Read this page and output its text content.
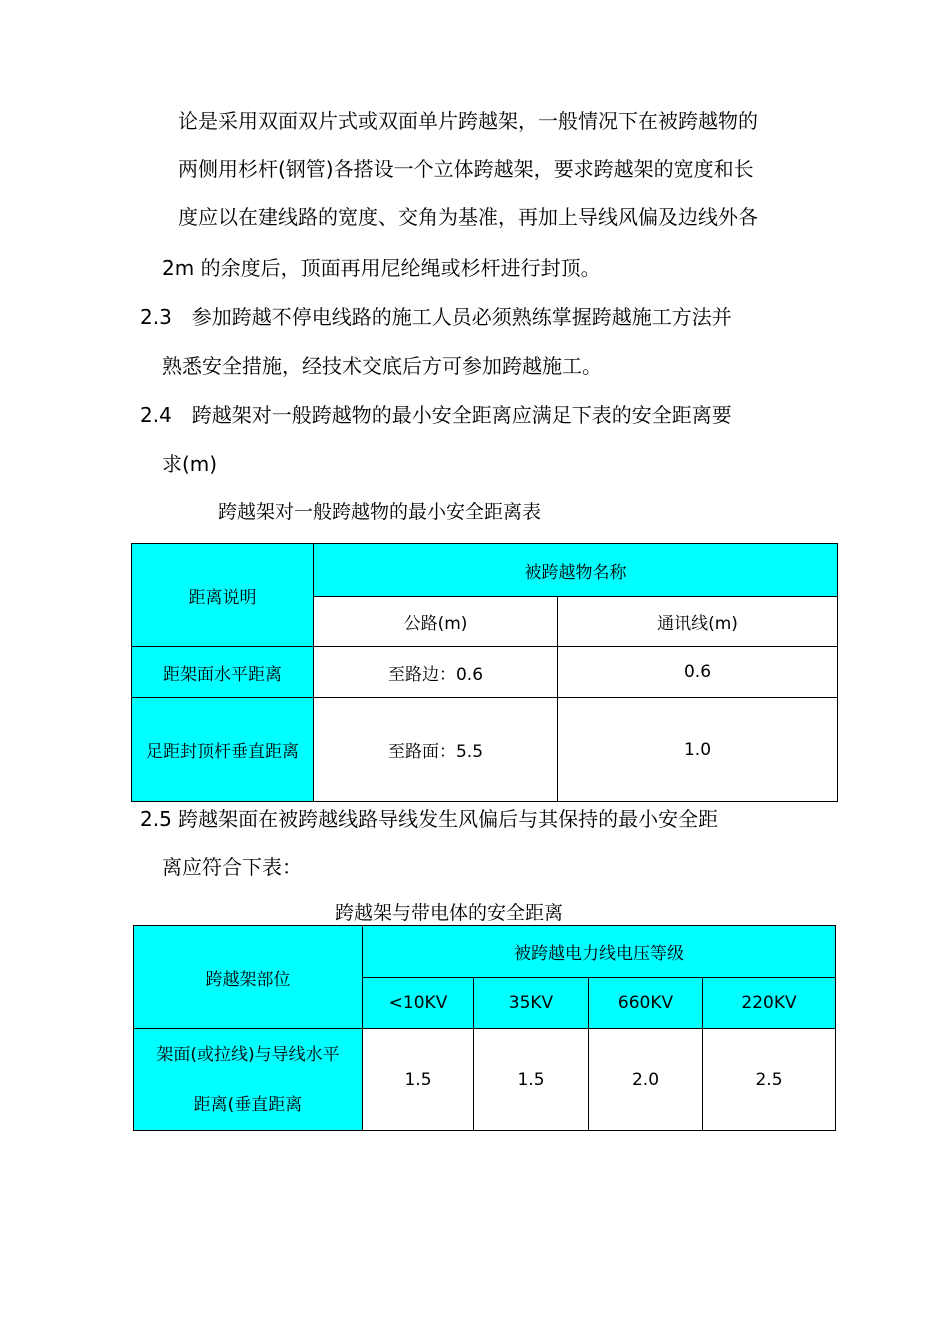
论是采用双面双片式或双面单片跨越架，一般情况下在被跨越物的
两侧用杉杆(钢管)各搭设一个立体跨越架，要求跨越架的宽度和长
度应以在建线路的宽度、交角为基准，再加上导线风偏及边线外各
2m 的余度后，顶面再用尼纶绳或杉杆进行封顶。
2.3　参加跨越不停电线路的施工人员必须熟练掌握跨越施工方法并
熟悉安全措施，经技术交底后方可参加跨越施工。
2.4　跨越架对一般跨越物的最小安全距离应满足下表的安全距离要
求(m)
跨越架对一般跨越物的最小安全距离表
距离说明	被跨越物名称	
	公路(m)	通讯线(m)
距架面水平距离	至路边：0.6	0.6
足距封顶杆垂直距离	至路面：5.5	1.0
2.5 跨越架面在被跨越线路导线发生风偏后与其保持的最小安全距
离应符合下表：
跨越架与带电体的安全距离
跨越架部位	被跨越电力线电压等级			
	<10KV	35KV	660KV	220KV

架面(或拉线)与导线水平
距离(垂直距离	1.5	1.5	2.0	2.5
